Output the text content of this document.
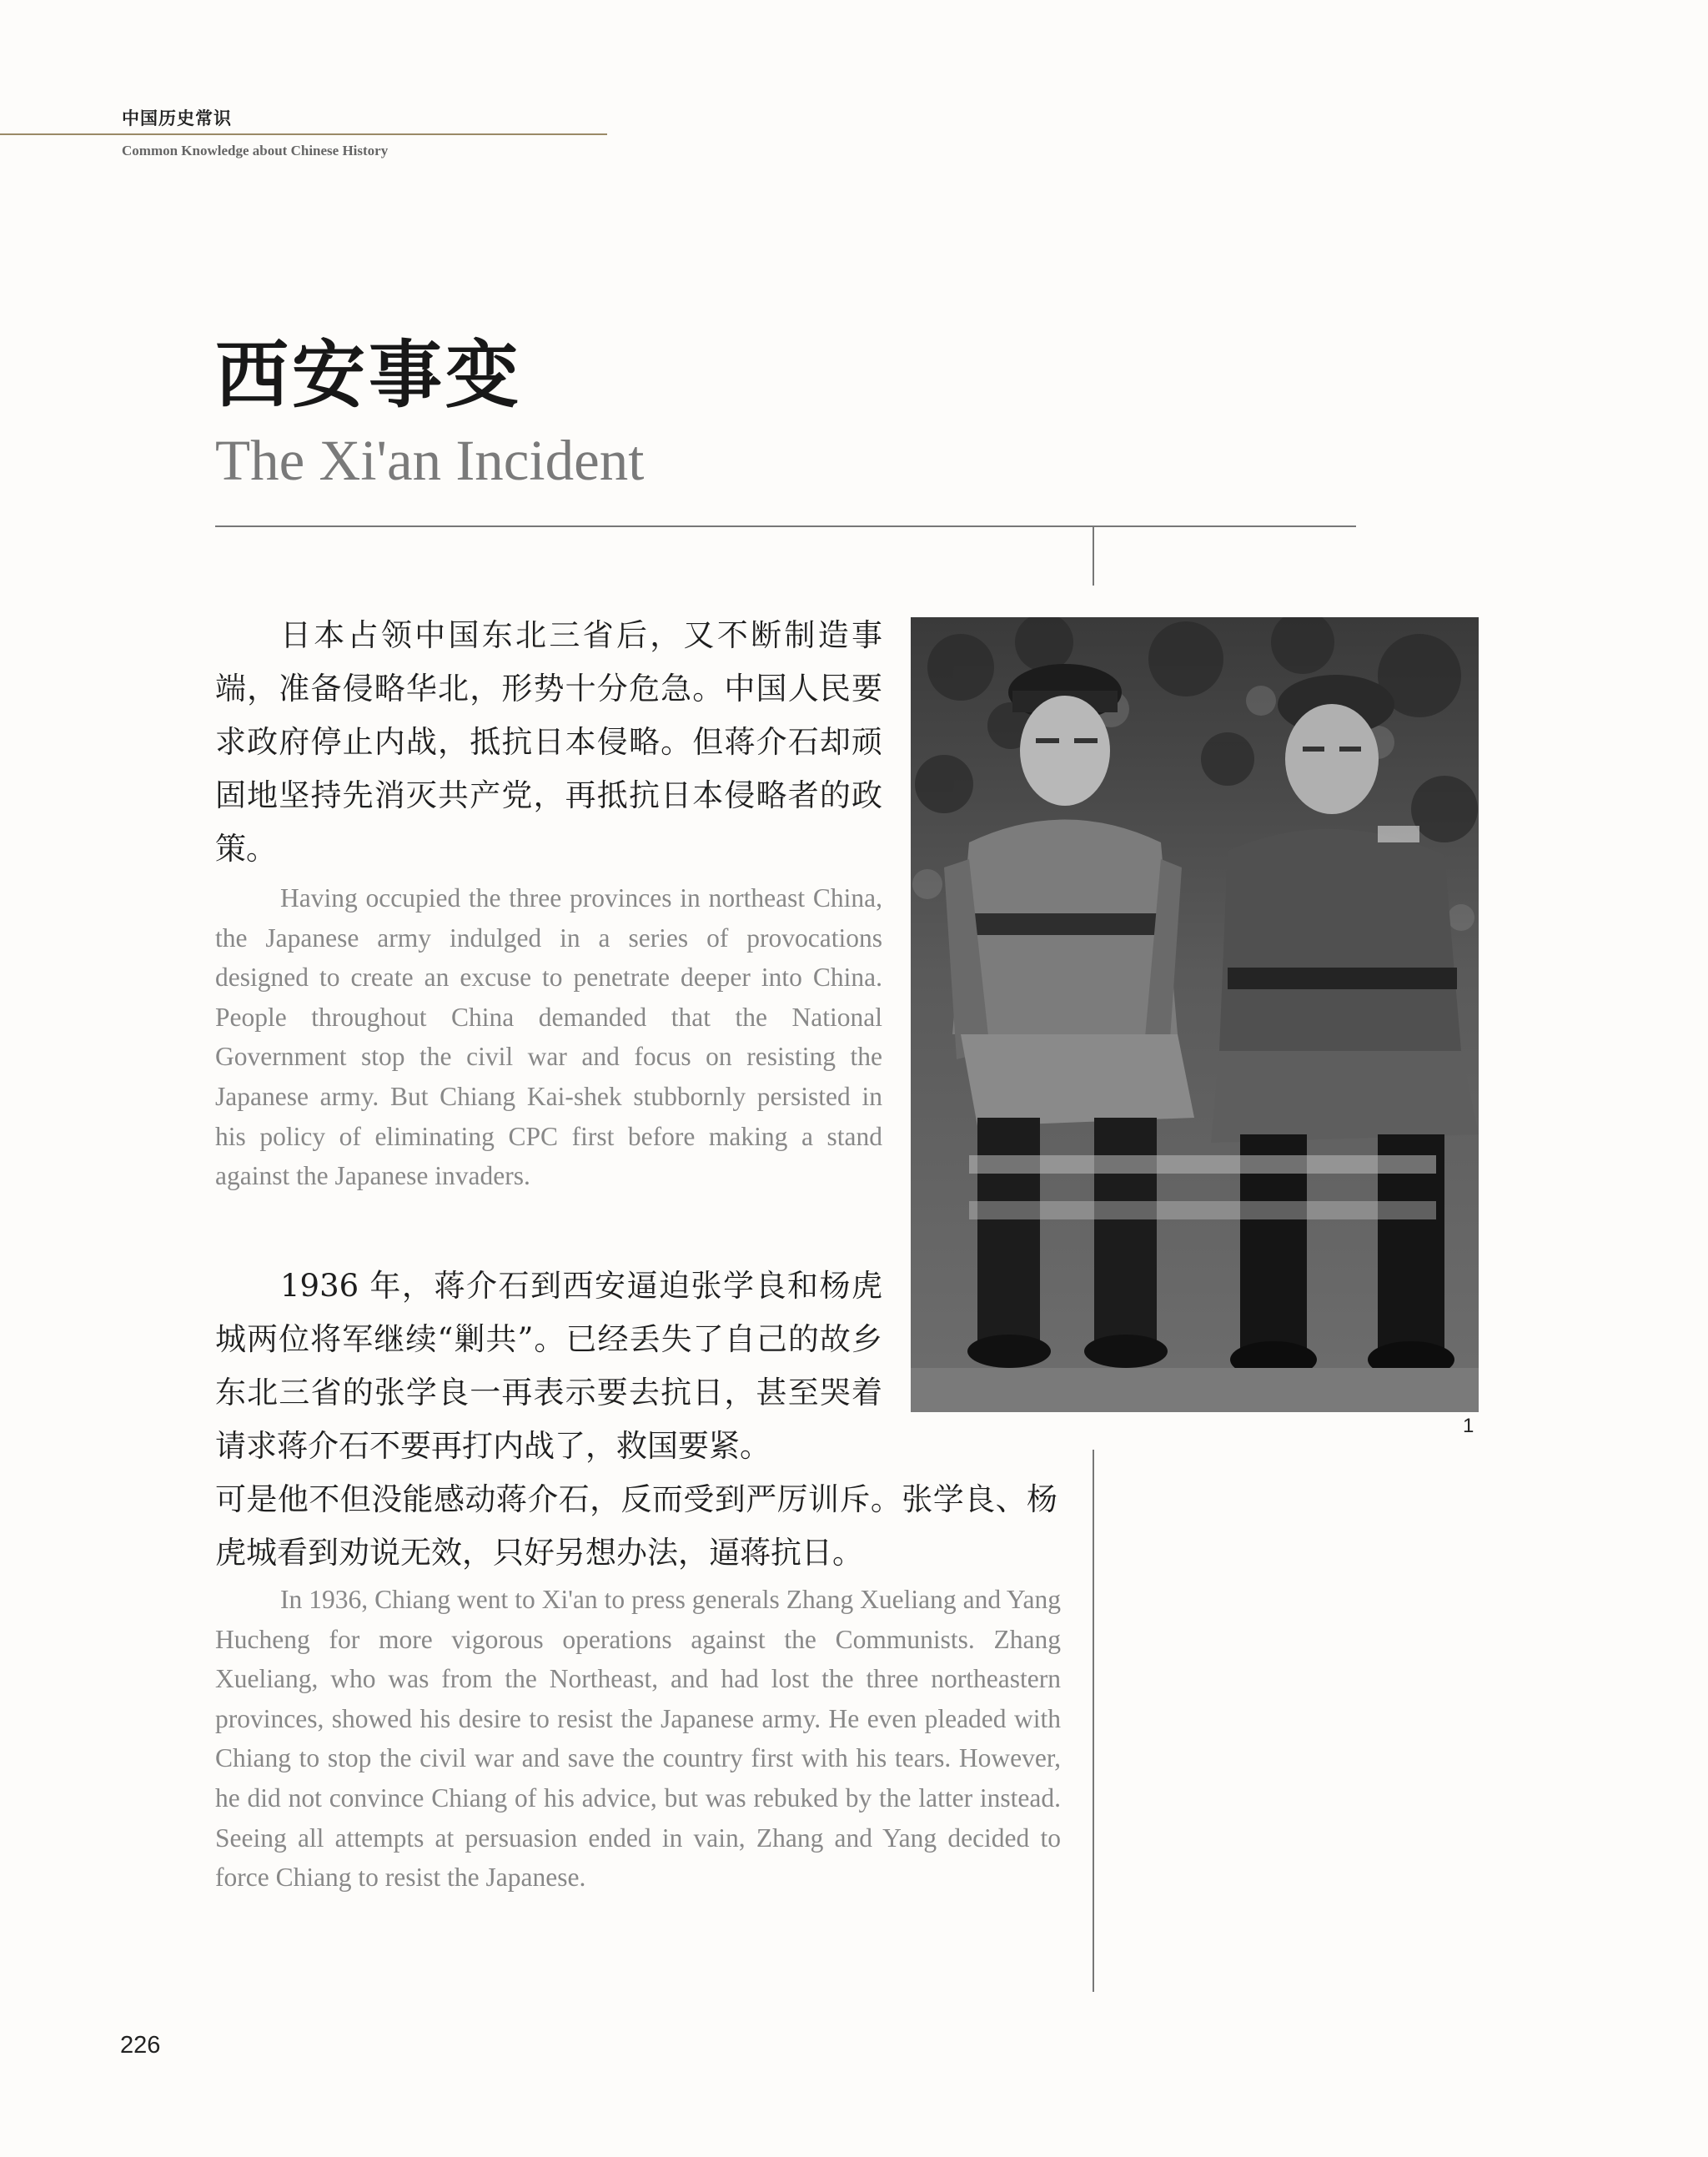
中国历史常识
Common Knowledge about Chinese History
西安事变
The Xi'an Incident

日本占领中国东北三省后，又不断制造事端，准备侵略华北，形势十分危急。中国人民要求政府停止内战，抵抗日本侵略。但蒋介石却顽固地坚持先消灭共产党，再抵抗日本侵略者的政策。

Having occupied the three provinces in northeast China, the Japanese army indulged in a series of provocations designed to create an excuse to penetrate deeper into China. People throughout China demanded that the National Government stop the civil war and focus on resisting the Japanese army. But Chiang Kai-shek stubbornly persisted in his policy of eliminating CPC first before making a stand against the Japanese invaders.

1936 年，蒋介石到西安逼迫张学良和杨虎城两位将军继续“剿共”。已经丢失了自己的故乡东北三省的张学良一再表示要去抗日，甚至哭着请求蒋介石不要再打内战了，救国要紧。

可是他不但没能感动蒋介石，反而受到严厉训斥。张学良、杨虎城看到劝说无效，只好另想办法，逼蒋抗日。

In 1936, Chiang went to Xi'an to press generals Zhang Xueliang and Yang Hucheng for more vigorous operations against the Communists. Zhang Xueliang, who was from the Northeast, and had lost the three northeastern provinces, showed his desire to resist the Japanese army. He even pleaded with Chiang to stop the civil war and save the country first with his tears. However, he did not convince Chiang of his advice, but was rebuked by the latter instead. Seeing all attempts at persuasion ended in vain, Zhang and Yang decided to force Chiang to resist the Japanese.

1
226
